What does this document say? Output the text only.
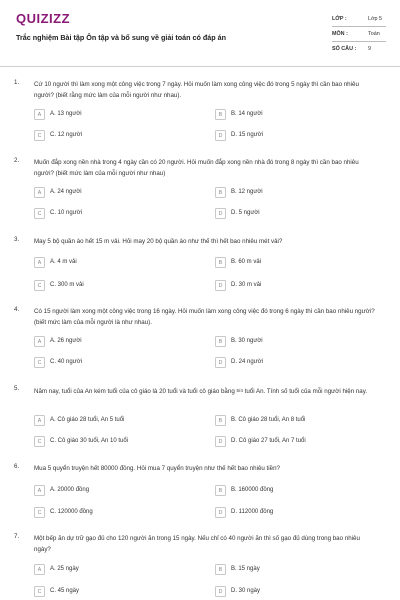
QUIZIZZ
Trắc nghiệm Bài tập Ôn tập và bổ sung về giải toán có đáp án
LỚP :	Lớp 5
MÔN :	Toán
SỐ CÂU : 9
1. Cứ 10 người thì làm xong một công việc trong 7 ngày. Hỏi muốn làm xong công việc đó trong 5 ngày thì cần bao nhiêu người? (biết rằng mức làm của mỗi người như nhau).
A	A. 13 người	B	B. 14 người
C	C. 12 người	D	D. 15 người
2. Muốn đắp xong nền nhà trong 4 ngày cần có 20 người. Hỏi muốn đắp xong nền nhà đó trong 8 ngày thì cần bao nhiêu người? (biết mức làm của mỗi người như nhau)
A	A. 24 người	B	B. 12 người
C	C. 10 người	D	D. 5 người
3. May 5 bộ quần áo hết 15 m vải. Hỏi may 20 bộ quần áo như thế thì hết bao nhiêu mét vải?
A	A. 4 m vải	B	B. 60 m vải
C	C. 300 m vải	D	D. 30 m vải
4. Có 15 người làm xong một công việc trong 16 ngày. Hỏi muốn làm xong công việc đó trong 6 ngày thì cần bao nhiêu người? (biết mức làm của mỗi người là như nhau).
A	A. 26 người	B	B. 30 người
C	C. 40 người	D	D. 24 người
5. Năm nay, tuổi của An kém tuổi của cô giáo là 20 tuổi và tuổi cô giáo bằng 5/4 tuổi An. Tính số tuổi của mỗi người hiện nay.
A	A. Cô giáo 28 tuổi, An 5 tuổi	B	B. Cô giáo 28 tuổi, An 8 tuổi
C	C. Cô giáo 30 tuổi, An 10 tuổi	D	D. Cô giáo 27 tuổi, An 7 tuổi
6. Mua 5 quyển truyện hết 80000 đồng. Hỏi mua 7 quyển truyện như thế hết bao nhiêu tiền?
A	A. 20000 đồng	B	B. 160000 đồng
C	C. 120000 đồng	D	D. 112000 đồng
7. Một bếp ăn dự trữ gạo đủ cho 120 người ăn trong 15 ngày. Nếu chỉ có 40 người ăn thì số gạo đủ dùng trong bao nhiêu ngày?
A	A. 25 ngày	B	B. 15 ngày
C	C. 45 ngày	D	D. 30 ngày
